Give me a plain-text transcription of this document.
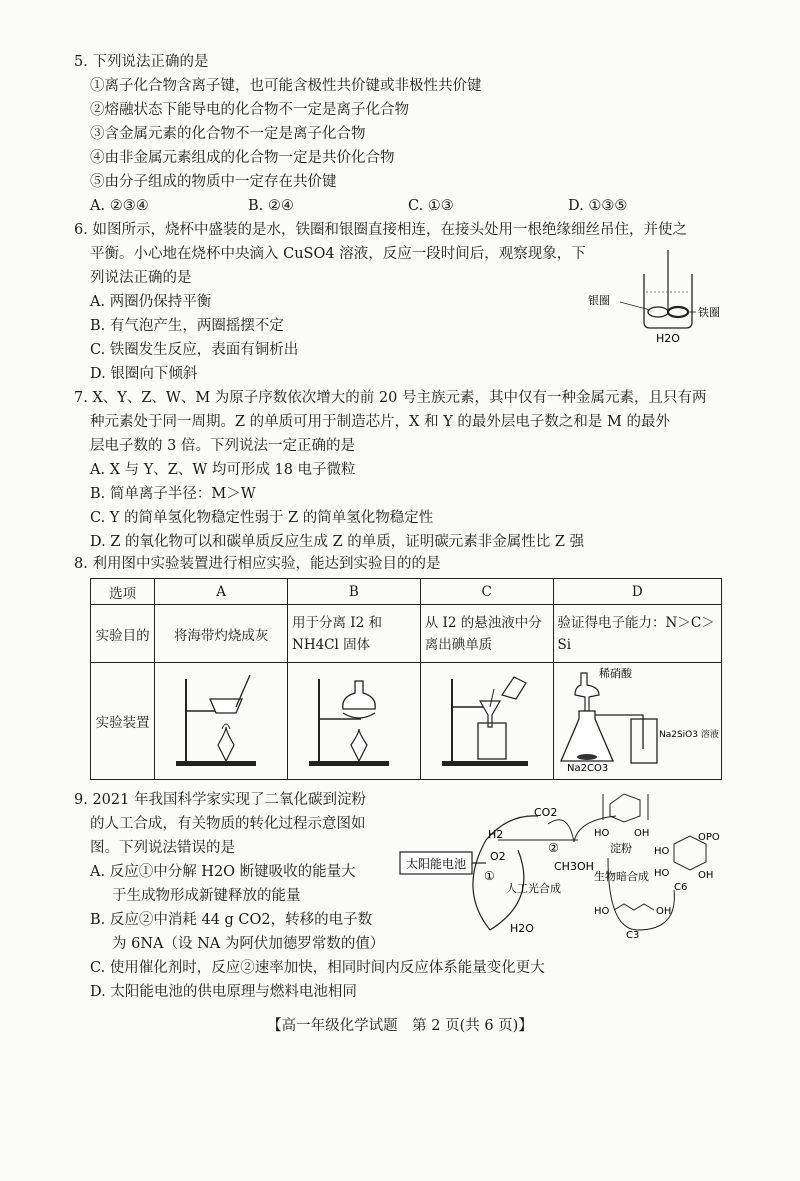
5. 下列说法正确的是
①离子化合物含离子键，也可能含极性共价键或非极性共价键
②熔融状态下能导电的化合物不一定是离子化合物
③含金属元素的化合物不一定是离子化合物
④由非金属元素组成的化合物一定是共价化合物
⑤由分子组成的物质中一定存在共价键
A. ②③④	B. ②④	C. ①③	D. ①③⑤
6. 如图所示，烧杯中盛装的是水，铁圈和银圈直接相连，在接头处用一根绝缘细丝吊住，并使之
平衡。小心地在烧杯中央滴入 CuSO4 溶液，反应一段时间后，观察现象，下
列说法正确的是
A. 两圈仍保持平衡
B. 有气泡产生，两圈摇摆不定
C. 铁圈发生反应，表面有铜析出
D. 银圈向下倾斜
银圈
铁圈
H2O
7. X、Y、Z、W、M 为原子序数依次增大的前 20 号主族元素，其中仅有一种金属元素，且只有两
种元素处于同一周期。Z 的单质可用于制造芯片，X 和 Y 的最外层电子数之和是 M 的最外
层电子数的 3 倍。下列说法一定正确的是
A. X 与 Y、Z、W 均可形成 18 电子微粒
B. 简单离子半径：M＞W
C. Y 的简单氢化物稳定性弱于 Z 的简单氢化物稳定性
D. Z 的氧化物可以和碳单质反应生成 Z 的单质，证明碳元素非金属性比 Z 强
8. 利用图中实验装置进行相应实验，能达到实验目的的是
选项	A	B	C	D
实验目的	将海带灼烧成灰	用于分离 I2 和 NH4Cl 固体	从 I2 的悬浊液中分离出碘单质	验证得电子能力：N＞C＞Si
实验装置				稀硝酸
Na2SiO3 溶液
Na2CO3
9. 2021 年我国科学家实现了二氧化碳到淀粉
的人工合成，有关物质的转化过程示意图如
图。下列说法错误的是
A. 反应①中分解 H2O 断键吸收的能量大
于生成物形成新键释放的能量
B. 反应②中消耗 44 g CO2，转移的电子数
为 6NA（设 NA 为阿伏加德罗常数的值）
C. 使用催化剂时，反应②速率加快，相同时间内反应体系能量变化更大
D. 太阳能电池的供电原理与燃料电池相同
太阳能电池
H2
O2
①
人工光合成
CO2
②
CH3OH
H2O
HO OH
淀粉
生物暗合成
HO
OPO
HO	OH
C6
HO	OH
C3
【高一年级化学试题　第 2 页(共 6 页)】
